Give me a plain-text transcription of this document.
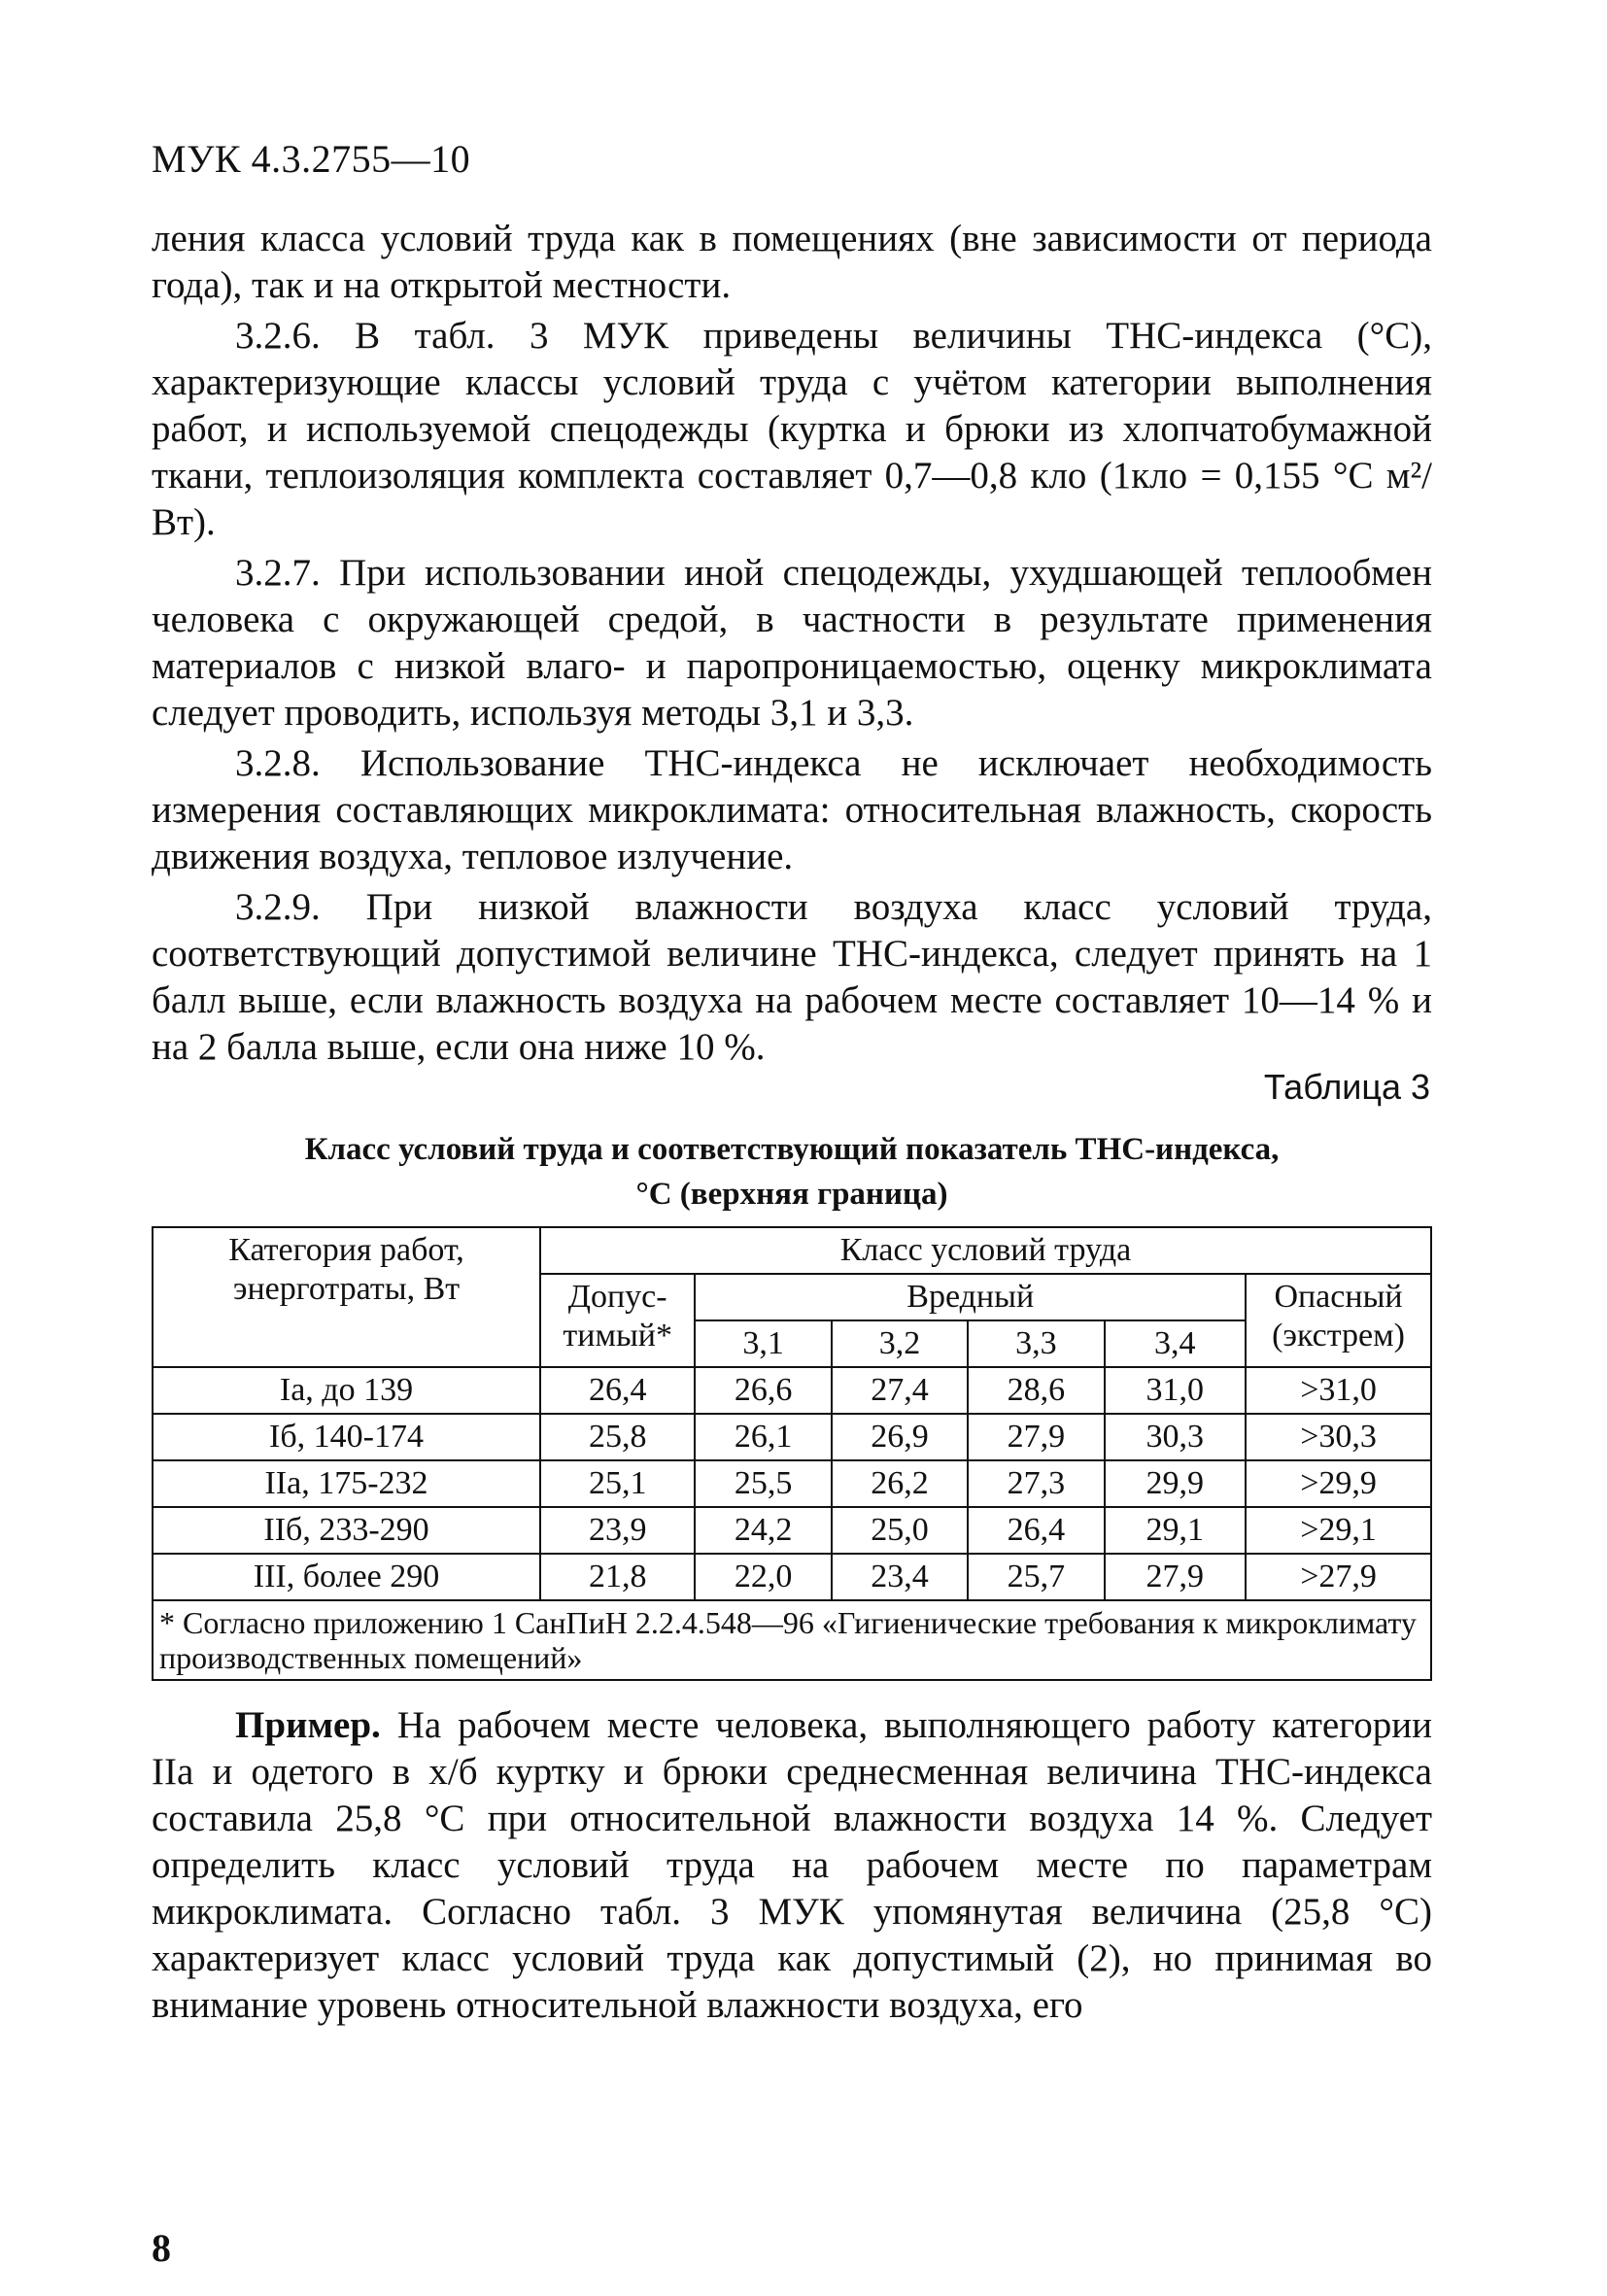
МУК 4.3.2755—10

ления класса условий труда как в помещениях (вне зависимости от периода года), так и на открытой местности.

3.2.6. В табл. 3 МУК приведены величины ТНС-индекса (°С), характеризующие классы условий труда с учётом категории выполнения работ, и используемой спецодежды (куртка и брюки из хлопчатобумажной ткани, теплоизоляция комплекта составляет 0,7—0,8 кло (1кло = 0,155 °С м²/Вт).

3.2.7. При использовании иной спецодежды, ухудшающей теплообмен человека с окружающей средой, в частности в результате применения материалов с низкой влаго- и паропроницаемостью, оценку микроклимата следует проводить, используя методы 3,1 и 3,3.

3.2.8. Использование ТНС-индекса не исключает необходимость измерения составляющих микроклимата: относительная влажность, скорость движения воздуха, тепловое излучение.

3.2.9. При низкой влажности воздуха класс условий труда, соответствующий допустимой величине ТНС-индекса, следует принять на 1 балл выше, если влажность воздуха на рабочем месте составляет 10—14 % и на 2 балла выше, если она ниже 10 %.

Таблица 3
Класс условий труда и соответствующий показатель ТНС-индекса,
°С (верхняя граница)
Категория работ, энерготраты, Вт	Класс условий труда					
	Допус-тимый*	Вредный				Опасный (экстрем)
		3,1	3,2	3,3	3,4	
Iа, до 139	26,4	26,6	27,4	28,6	31,0	>31,0
Iб, 140-174	25,8	26,1	26,9	27,9	30,3	>30,3
IIа, 175-232	25,1	25,5	26,2	27,3	29,9	>29,9
IIб, 233-290	23,9	24,2	25,0	26,4	29,1	>29,1
III, более 290	21,8	22,0	23,4	25,7	27,9	>27,9
* Согласно приложению 1 СанПиН 2.2.4.548—96 «Гигиенические требования к микроклимату производственных помещений»						
Пример. На рабочем месте человека, выполняющего работу категории IIа и одетого в х/б куртку и брюки среднесменная величина ТНС-индекса составила 25,8 °С при относительной влажности воздуха 14 %. Следует определить класс условий труда на рабочем месте по параметрам микроклимата. Согласно табл. 3 МУК упомянутая величина (25,8 °С) характеризует класс условий труда как допустимый (2), но принимая во внимание уровень относительной влажности воздуха, его
8
